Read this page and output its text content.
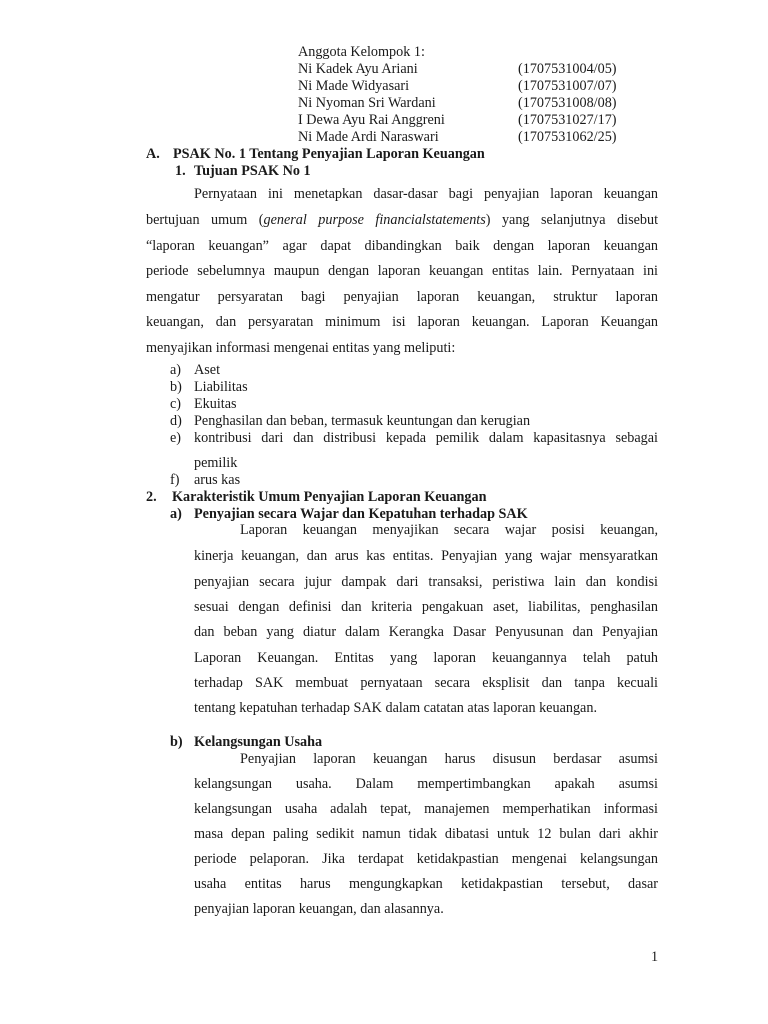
Anggota Kelompok 1:
Ni Kadek Ayu Ariani	(1707531004/05)
Ni Made Widyasari	(1707531007/07)
Ni Nyoman Sri Wardani	(1707531008/08)
I Dewa Ayu Rai Anggreni	(1707531027/17)
Ni Made Ardi Naraswari	(1707531062/25)
A. PSAK No. 1 Tentang Penyajian Laporan Keuangan
1. Tujuan PSAK No 1
Pernyataan ini menetapkan dasar-dasar bagi penyajian laporan keuangan
bertujuan umum (general purpose financialstatements) yang selanjutnya disebut
“laporan keuangan” agar dapat dibandingkan baik dengan laporan keuangan
periode sebelumnya maupun dengan laporan keuangan entitas lain. Pernyataan ini
mengatur persyaratan bagi penyajian laporan keuangan, struktur laporan
keuangan, dan persyaratan minimum isi laporan keuangan. Laporan Keuangan
menyajikan informasi mengenai entitas yang meliputi:
a) Aset
b) Liabilitas
c) Ekuitas
d) Penghasilan dan beban, termasuk keuntungan dan kerugian
e) kontribusi dari dan distribusi kepada pemilik dalam kapasitasnya sebagai
pemilik
f) arus kas
2. Karakteristik Umum Penyajian Laporan Keuangan
a) Penyajian secara Wajar dan Kepatuhan terhadap SAK
Laporan keuangan menyajikan secara wajar posisi keuangan,
kinerja keuangan, dan arus kas entitas. Penyajian yang wajar mensyaratkan
penyajian secara jujur dampak dari transaksi, peristiwa lain dan kondisi
sesuai dengan definisi dan kriteria pengakuan aset, liabilitas, penghasilan
dan beban yang diatur dalam Kerangka Dasar Penyusunan dan Penyajian
Laporan Keuangan. Entitas yang laporan keuangannya telah patuh
terhadap SAK membuat pernyataan secara eksplisit dan tanpa kecuali
tentang kepatuhan terhadap SAK dalam catatan atas laporan keuangan.
b) Kelangsungan Usaha
Penyajian laporan keuangan harus disusun berdasar asumsi
kelangsungan usaha. Dalam mempertimbangkan apakah asumsi
kelangsungan usaha adalah tepat, manajemen memperhatikan informasi
masa depan paling sedikit namun tidak dibatasi untuk 12 bulan dari akhir
periode pelaporan. Jika terdapat ketidakpastian mengenai kelangsungan
usaha entitas harus mengungkapkan ketidakpastian tersebut, dasar
penyajian laporan keuangan, dan alasannya.
1
